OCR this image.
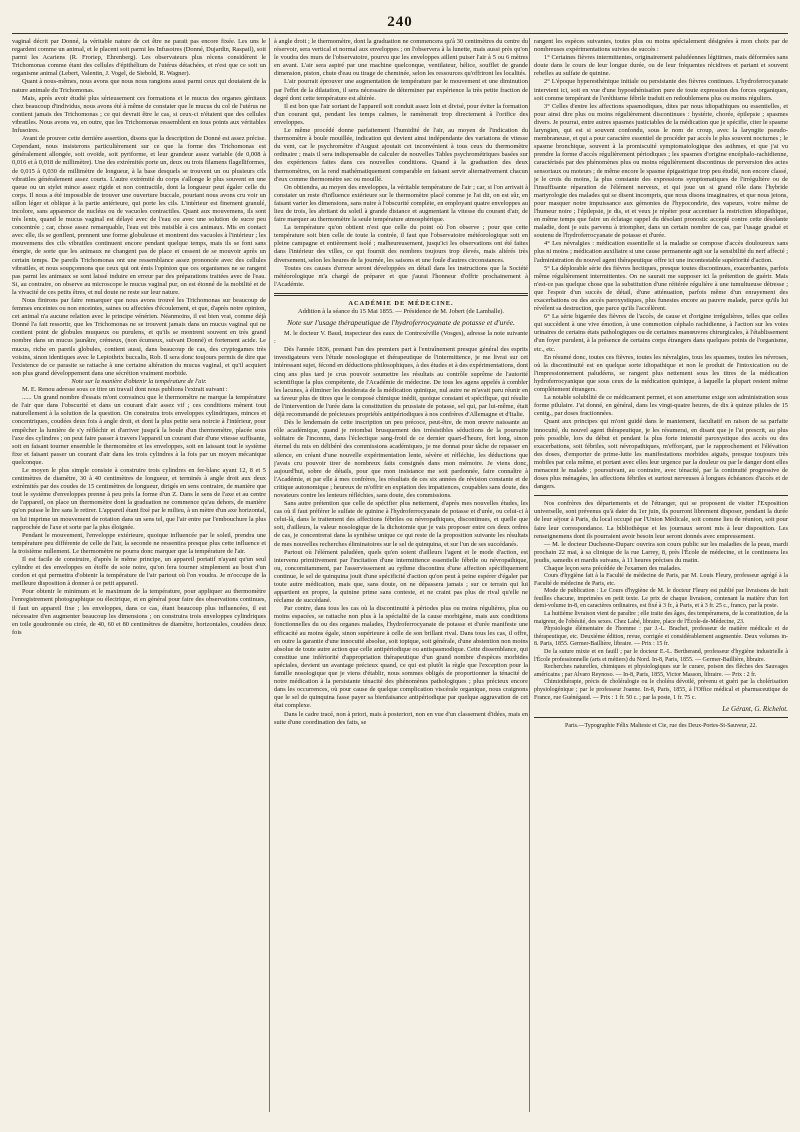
240

vaginal décrit par Donné, la véritable nature de cet être ne parait pas encore fixée. Les uns le regardent comme un animal, et le placent soit parmi les Infusoires (Donné, Dujardin, Raspail), soit parmi les Acariens (R. Froriep, Ehrenberg). Les observateurs plus récens considèrent le Trichomonas comme étant des cellules d'épithélium de l'utérus détachées, et n'est que ce soit un organisme animal (Lebert, Valentin, J. Vogel, de Siebold, R. Wagner).

Quant à nous-mêmes, nous avons que nous nous rangions aussi parmi ceux qui doutaient de la nature animale du Trichomonas.

Mais, après avoir étudié plus sérieusement ces formations et le mucus des organes génitaux chez beaucoup d'individus, nous avons été à même de constater que le mucus du col de l'utérus ne contient jamais des Trichomonas ; ce qui devrait être le cas, si ceux-ci n'étaient que des cellules vibratiles. Nous avons vu, en outre, que les Trichomonas ressemblent en tous points aux véritables Infusoires.

Avant de prouver cette dernière assertion, disons que la description de Donné est assez précise. Cependant, nous insisterons particulièrement sur ce que la forme des Trichomonas est généralement allongée, soit ovoïde, soit pyriforme, et leur grandeur assez variable (de 0,008 à 0,016 et à 0,018 de millimètre). Une des extrémités porte un, deux ou trois filamens flagelliformes, de 0,015 à 0,030 de millimètre de longueur, à la base desquels se trouvent un ou plusieurs cils vibratiles généralement assez courts. L'autre extrémité du corps s'allonge le plus souvent en une queue ou un stylet mince assez rigide et non contractile, dont la longueur peut égaler celle du corps. Il nous a été impossible de trouver une ouverture buccale, pourtant nous avons cru voir un sillon léger et oblique à la partie antérieure, qui porte les cils. L'intérieur est finement granulé, incolore, sans apparence de nucléus ou de vacuoles contractiles. Quant aux mouvemens, ils sont très lents, quand le mucus vaginal est délayé avec de l'eau ou avec une solution de sucre peu concentrée ; car, chose assez remarquable, l'eau est très nuisible à ces animaux. Mis en contact avec elle, ils se gonflent, prennent une forme globuleuse et montrent des vacuoles à l'intérieur ; les mouvemens des cils vibratiles continuent encore pendant quelque temps, mais ils se font sans énergie, de sorte que les animaux ne changent pas de place et cessent de se mouvoir après un certain temps. De pareils Trichomonas ont une ressemblance assez prononcée avec des cellules vibratiles, et nous soupçonnons que ceux qui ont émis l'opinion que ces organismes ne se rangent pas parmi les animaux se sont laissé induire en erreur par des préparations traitées avec de l'eau. Si, au contraire, on observe au microscope le mucus vaginal pur, on est étonné de la mobilité et de la vivacité de ces petits êtres, et nul doute ne reste sur leur nature.

Nous finirons par faire remarquer que nous avons trouvé les Trichomonas sur beaucoup de femmes enceintes ou non enceintes, saines ou affectées d'écoulement, et que, d'après notre opinion, cet animal n'a aucune relation avec le principe vénérien. Néanmoins, il est bien vrai, comme déjà Donné l'a fait ressortir, que les Trichomonas ne se trouvent jamais dans un mucus vaginal qui ne contient point de globules muqueux ou purulens, et qu'ils se montrent souvent en très grand nombre dans un mucus jaunâtre, crémeux, (non écumeux, suivant Donné) et fortement acide. Le mucus, riche en pareils globules, contient aussi, dans beaucoup de cas, des cryptogames très voisins, sinon identiques avec le Leptothrix buccalis, Rob. Il sera donc toujours permis de dire que l'existence de ce parasite se rattache à une certaine altération du mucus vaginal, et qu'il acquiert son plus grand développement dans une sécrétion vraiment morbide.

Note sur la manière d'obtenir la température de l'air.

M. E. Renou adresse sous ce titre un travail dont nous publions l'extrait suivant :

...... Un grand nombre d'essais m'ont convaincu que le thermomètre ne marque la température de l'air que dans l'obscurité et dans un courant d'air assez vif ; ces conditions mènent tout naturellement à la solution de la question. On construira trois enveloppes cylindriques, minces et concentriques, coudées deux fois à angle droit, et dont la plus petite sera noircie à l'intérieur, pour empêcher la lumière de s'y réfléchir et d'arriver jusqu'à la boule d'un thermomètre, placée sous l'axe des cylindres ; on peut faire passer à travers l'appareil un courant d'air d'une vitesse suffisante, soit en faisant tourner ensemble le thermomètre et les enveloppes, soit en laissant tout le système fixe et faisant passer un courant d'air dans les trois cylindres à la fois par un moyen mécanique quelconque.

Le moyen le plus simple consiste à construire trois cylindres en fer-blanc ayant 12, 8 et 5 centimètres de diamètre, 30 à 40 centimètres de longueur, et terminés à angle droit aux deux extrémités par des coudes de 15 centimètres de longueur, dirigés en sens contraire, de manière que tout le système d'enveloppes prenne à peu près la forme d'un Z. Dans le sens de l'axe et au centre de l'appareil, on place un thermomètre dont la graduation ne commence qu'au dehors, de manière qu'on puisse le lire sans le retirer. L'appareil étant fixé par le milieu, à un mètre d'un axe horizontal, on lui imprime un mouvement de rotation dans un sens tel, que l'air entre par l'embouchure la plus rapprochée de l'axe et sorte par la plus éloignée.

Pendant le mouvement, l'enveloppe extérieure, quoique influencée par le soleil, prendra une température peu différente de celle de l'air, la seconde ne ressentira presque plus cette influence et la troisième nullement. Le thermomètre ne pourra donc marquer que la température de l'air.

Il est facile de construire, d'après le même principe, un appareil portatif n'ayant qu'un seul cylindre et des enveloppes en étoffe de soie noire, qu'on fera tourner simplement au bout d'un cordon et qui permettra d'obtenir la température de l'air partout où l'on voudra. Je m'occupe de la meilleure disposition à donner à ce petit appareil.

Pour obtenir le minimum et le maximum de la température, pour appliquer au thermomètre l'enregistrement photographique ou électrique, et en général pour faire des observations continues, il faut un appareil fixe ; les enveloppes, dans ce cas, étant beaucoup plus influencées, il est nécessaire d'en augmenter beaucoup les dimensions ; on construira trois enveloppes cylindriques en toile goudronnée ou cirée, de 40, 60 et 80 centimètres de diamètre, horizontales, coudées deux fois

à angle droit ; le thermomètre, dont la graduation ne commencera qu'à 30 centimètres du centre du réservoir, sera vertical et normal aux enveloppes ; on l'observera à la lunette, mais aussi près qu'on le voudra des murs de l'observatoire, pourvu que les enveloppes aillent puiser l'air à 5 ou 6 mètres en avant. L'air sera aspiré par une machine quelconque, ventilateur, hélice, soufflet de grande dimension, piston, chute d'eau ou tirage de cheminée, selon les ressources qu'offriront les localités.

L'air pourrait éprouver une augmentation de température par le mouvement et une diminution par l'effet de la dilatation, il sera nécessaire de déterminer par expérience la très petite fraction de degré dont cette température est altérée.

Il est bon que l'air sortant de l'appareil soit conduit assez loin et divisé, pour éviter la formation d'un courant qui, pendant les temps calmes, le ramènerait trop directement à l'orifice des enveloppes.

Le même procédé donne parfaitement l'humidité de l'air, au moyen de l'indication du thermomètre à boule mouillée, indication qui devient ainsi indépendante des variations de vitesse du vent, car le psychromètre d'August ajoutait cet inconvénient à tous ceux du thermomètre ordinaire ; mais il sera indispensable de calculer de nouvelles Tables psychrométriques basées sur des expériences faites dans ces nouvelles conditions. Quand à la graduation des deux thermomètres, on la rend mathématiquement comparable en faisant servir alternativement chacun d'eux comme thermomètre sec ou mouillé.

On obtiendra, au moyen des enveloppes, la véritable température de l'air ; car, si l'on arrivait à constater un reste d'influence extérieure sur le thermomètre placé comme je l'ai dit, on est sûr, en faisant varier les dimensions, sans nuire à l'obscurité complète, en employant quatre enveloppes au lieu de trois, les abritant du soleil à grande distance et augmentant la vitesse du courant d'air, de faire marquer au thermomètre la seule température atmosphérique.

La température qu'on obtient n'est que celle du point où l'on observe ; pour que cette température soit bien celle de toute la contrée, il faut que l'observatoire météorologique soit en pleine campagne et entièrement isolé ; malheureusement, jusqu'ici les observations ont été faites dans l'intérieur des villes, ce qui fournit des nombres toujours trop élevés, mais altérés très diversement, selon les heures de la journée, les saisons et une foule d'autres circonstances.

Toutes ces causes d'erreur seront développées en détail dans les instructions que la Société météorologique m'a chargé de préparer et que j'aurai l'honneur d'offrir prochainement à l'Académie.

ACADÉMIE DE MÉDECINE.

Addition à la séance du 15 Mai 1855. — Présidence de M. Jobert (de Lamballe).

Note sur l'usage thérapeutique de l'hydroferrocyanate de potasse et d'urée.

M. le docteur V. Baud, inspecteur des eaux de Contrexéville (Vosges), adresse la note suivante :

Dès l'année 1836, prenant l'un des premiers part à l'entraînement presque général des esprits investigateurs vers l'étude nosologique et thérapeutique de l'intermittence, je me livrai sur cet intéressant sujet, fécond en déductions philosophiques, à des études et à des expérimentations, dont cinq ans plus tard je crus pouvoir soumettre les résultats au contrôle suprême de l'autorité scientifique la plus compétente, de l'Académie de médecine. De tous les agens appelés à combler les lacunes, à éliminer les desiderata de la médication quinique, nul autre ne m'avait paru réunir en sa faveur plus de titres que le composé chimique inédit, quoique constant et spécifique, qui résulte de l'intervention de l'urée dans la constitution du prussiate de potasse, sel qui, par lui-même, était déjà recommandé de précieuses propriétés antipériodiques à nos confrères d'Allemagne et d'Italie.

Dès le lendemain de cette inscription un peu précoce, peut-être, de mon œuvre naissante au rôle académique, quand je retombai brusquement des irrésistibles séductions de la poursuite solitaire de l'inconnu, dans l'éclectique sang-froid de ce dernier quart-d'heure, fort long, sinon éternel du mis en délibéré des commissions académiques, je me donnai pour tâche de repasser en silence, en créant d'une nouvelle expérimentation lente, sévère et réfléchie, les déductions que j'avais cru pouvoir tirer de nombreux faits consignés dans mon mémoire. Je viens donc, aujourd'hui, sobre de détails, pour que mon insistance me soit pardonnée, faire connaître à l'Académie, et par elle à mes confrères, les résultats de ces six années de révision constante et de critique autonomique ; heureux de m'offrir en expiation des impatiences, coupables sans doute, des novateurs contre les lenteurs réfléchies, sans doute, des commissions.

Sans autre prétention que celle de spécifier plus nettement, d'après mes nouvelles études, les cas où il faut préférer le sulfate de quinine à l'hydroferrocyanate de potasse et d'urée, ou celui-ci à celui-là, dans le traitement des affections fébriles ou névropathiques, discontinues, et quelle que soit, d'ailleurs, la valeur nosologique de la dichotomie que je vais proposer entre ces deux ordres de cas, je concentrerai dans la synthèse unique ce qui reste de la proposition suivante les résultats de mes nouvelles recherches éliminatoires sur le sel de quinquina, et sur l'un de ses succédanés.

Partout où l'élément paludéen, quels qu'en soient d'ailleurs l'agent et le mode d'action, est intervenu primitivement par l'incitation d'une intermittence essentielle fébrile ou névropathique, ou, concomitamment, par l'asservissement au rythme discontinu d'une affection spécifiquement continue, le sel de quinquina jouit d'une spécificité d'action qu'on peut à peine espérer d'égaler par toute autre médication, mais que, sans doute, on ne dépassera jamais ; sur ce terrain qui lui appartient en propre, la quinine prime sans conteste, et ne craint pas plus de rival qu'elle ne réclame de succédané.

Par contre, dans tous les cas où la discontinuité à périodes plus ou moins régulières, plus ou moins espacées, se rattache non plus à la spécialité de la cause morbigène, mais aux conditions fonctionnelles du ou des organes malades, l'hydroferrocyanate de potasse et d'urée manifeste une efficacité au moins égale, sinon supérieure à celle de son brillant rival. Dans tous les cas, il offre, en outre la garantie d'une innocuité absolue, soit topique, soit générale, d'une abstention non moins absolue de toute autre action que celle antipériodique ou antispasmodique. Cette dissemblance, qui constitue une infériorité d'appropriation thérapeutique d'un grand nombre d'espèces morbides spéciales, devient un avantage précieux quand, ce qui est plutôt la règle que l'exception pour la famille nosologique que je viens d'établir, nous sommes obligés de proportionner la ténacité de notre médication à la persistante ténacité des phénomènes pathologiques ; plus précieux encore dans les occurrences, où pour cause de quelque complication viscérale organique, nous craignons que le sel de quinquina fasse payer sa bienfaisance antipériodique par quelque aggravation de cet état complexe.

Dans le cadre tracé, non à priori, mais à posteriori, non en vue d'un classement d'idées, mais en suite d'une coordination des faits, se

rangent les espèces suivantes, toutes plus ou moins spécialement désignées à mon choix par de nombreuses expérimentations suivies de succès :

1° Certaines fièvres intermittentes, originairement paludéennes légitimes, mais déformées sans doute dans le cours de leur longue durée, ou de leur fréquentes récidives et partant et souvent rebelles au sulfate de quinine.

2° L'époque hyperesthénique initiale ou persistante des fièvres continues. L'hydroferrocyanate intervient ici, soit en vue d'une hyposthénisation pure de toute expression des forces organiques, soit comme tempérant de l'eréthisme fébrile traduit en redoublemens plus ou moins réguliers.

3° Celles d'entre les affections spasmodiques, dites par nous idiopathiques ou essentielles, et pour ainsi dire plus ou moins régulièrement discontinues : hystérie, chorée, épilepsie ; spasmes divers. Je pourrai, entre autres spasmes justiciables de la médication que je spécifie, citer le spasme laryngien, qui est si souvent confondu, sous le nom de croup, avec la laryngite pseudo-membraneuse, et qui a pour caractère essentiel de procéder par accès le plus souvent nocturnes ; le spasme bronchique, souvent à la promiscuité symptomatologique des asthmes, et que j'ai vu prendre la forme d'accès régulièrement périodiques ; les spasmes d'origine encéphalo-rachidienne, caractérisés par des phénomènes plus ou moins régulièrement discontinus de perversion des actes sensoriaux ou moteurs ; de même encore le spasme épigastrique trop peu étudié, non encore classé, je le crois du moins, la plus constante des expressions symptomatiques de l'irrégulière ou de l'insuffisante réparation de l'élément nerveux, et qui joue un si grand rôle dans l'hybride martyrologie des malades qui se disent incompris, que nous disons imaginaires, et que nous jetons, pour masquer notre impuissance aux gémonies de l'hypocondrie, des vapeurs, voire même de l'humeur noire ; l'épilepsie, je dis, et et veux je répéter pour accentuer la restriction idiopathique, en même temps que faire un éclatage rappel du désolant pronostic accepté contre cette désolante maladie, dont je suis parvenu à triompher, dans un certain nombre de cas, par l'usage gradué et soutenu de l'hydroferrocyanate de potasse et d'urée.

4° Les névralgies : médication essentielle si la maladie se compose d'accès douloureux sans plus ni moins ; médication auxiliaire si une cause permanente agit sur la sensibilité du nerf affecté ; l'administration du nouvel agent thérapeutique offre ici une incontestable supériorité d'action.

5° La déplorable série des fièvres hectiques, presque toutes discontinues, exacerbantes, parfois même régulièrement intermittentes. On ne saurait me supposer ici la prétention de guérir. Mais n'est-ce pas quelque chose que la substitution d'une réitérée régulière à une tumultueuse détresse ; que l'espoir d'un succès de détail, d'une atténuation, parfois même d'un enrayement des exacerbations ou des accès paroxystiques, plus funestes encore au pauvre malade, parce qu'ils lui révèlent sa destruction, que parce qu'ils l'accélèrent.

6° La série bigarrée des fièvres de l'accès, de cause et d'origine irrégulières, telles que celles qui succèdent à une vive émotion, à une commotion céphalo rachidienne, à l'action sur les voies urinaires de certains états pathologiques ou de certaines manœuvres chirurgicales, à l'établissement d'un foyer purulent, à la présence de certains corps étrangers dans quelques points de l'organisme, etc., etc.

En résumé donc, toutes ces fièvres, toutes les névralgies, tous les spasmes, toutes les névroses, où la discontinuité est en quelque sorte idiopathique et non le produit de l'intoxication ou de l'impressionnement paludéens, se rangent plus nettement sous les titres de la médication hydroferrocyanique que sous ceux de la médication quinique, à laquelle la plupart restent même complètement étrangers.

La notable solubilité de ce médicament permet, et son amertume exige son administration sous forme pilulaire. J'ai donné, en général, dans les vingt-quatre heures, de dix à quinze pilules de 15 centig., par doses fractionnées.

Quant aux principes qui m'ont guidé dans le maniement, facultatif en raison de sa parfaite innocuité, du nouvel agent thérapeutique, je les résumerai, en disant que je l'ai prescrit, au plus près possible, lors du début et pendant la plus forte intensité paroxystique des accès ou des exacerbations, soit fébriles, soit névropathiques, m'efforçant, par le rapprochement et l'élévation des doses, d'emporter de prime-lutte les manifestations morbides aiguës, presque toujours très mobiles par cela même, et portant avec elles leur urgence par la douleur ou par le danger dont elles menacent le malade ; poursuivant, au contraire, avec ténacité, par la continuité progressive de doses plus ménagées, les affections fébriles et surtout nerveuses à longues échéances d'accès et de dangers.

Nos confrères des départements et de l'étranger, qui se proposent de visiter l'Exposition universelle, sont prévenus qu'à dater du 1er juin, ils pourront librement disposer, pendant la durée de leur séjour à Paris, du local occupé par l'Union Médicale, soit comme lieu de réunion, soit pour faire leur correspondance. La bibliothèque et les journaux seront mis à leur disposition. Les renseignemens dont ils pourraient avoir besoin leur seront donnés avec empressement.

— M. le docteur Duchesne-Duparc ouvrira son cours public sur les maladies de la peau, mardi prochain 22 mai, à sa clinique de la rue Larrey, 8, près l'École de médecine, et le continuera les jeudis, samedis et mardis suivans, à 11 heures précises du matin.

Chaque leçon sera précédée de l'examen des malades.

Cours d'hygiène fait à la Faculté de médecine de Paris, par M. Louis Fleury, professeur agrégé à la Faculté de médecine de Paris, etc.

Mode de publication : Le Cours d'hygiène de M. le docteur Fleury est publié par livraisons de huit feuilles chacune, imprimées en petit texte. Le prix de chaque livraison, contenant la matière d'un fort demi-volume in-8, en caractères ordinaires, est fixé à 3 fr., à Paris, et à 3 fr. 25 c., franco, par la poste.

La huitième livraison vient de paraître ; elle traite des âges, des tempéramens, de la constitution, de la maigreur, de l'obésité, des sexes. Chez Labé, libraire, place de l'École-de-Médecine, 23.

Physiologie élémentaire de l'homme : par J.-L. Brachet, professeur de matière médicale et de thérapeutique, etc. Deuxième édition, revue, corrigée et considérablement augmentée. Deux volumes in-8. Paris, 1855. Germer-Baillière, libraire. — Prix : 15 fr.

De la suture mixte et en fauill ; par le docteur E.-L. Bertherand, professeur d'hygiène industrielle à l'École professionnelle (arts et métiers) du Nord. In-8, Paris, 1855. — Germer-Baillière, libraire.

Recherches naturelles, chimiques et physiologiques sur le curare, poison des flèches des Sauvages américains ; par Alvaro Reynoso. — In-8, Paris, 1855, Victor Masson, libraire. — Prix : 2 fr.

Chimiothérapie, précis de choléralogie ou le choléra dévoilé, prévenu et guéri par la cholérisation physiologénique ; par le professeur Joanne. In-8, Paris, 1855, à l'Office médical et pharmaceutique de France, rue Guénégaud. — Prix : 1 fr. 50 c. ; par la poste, 1 fr. 75 c.

Le Gérant, G. Richelot.

Paris.—Typographie Félix Malteste et Cie, rue des Deux-Portes-St-Sauveur, 22.
